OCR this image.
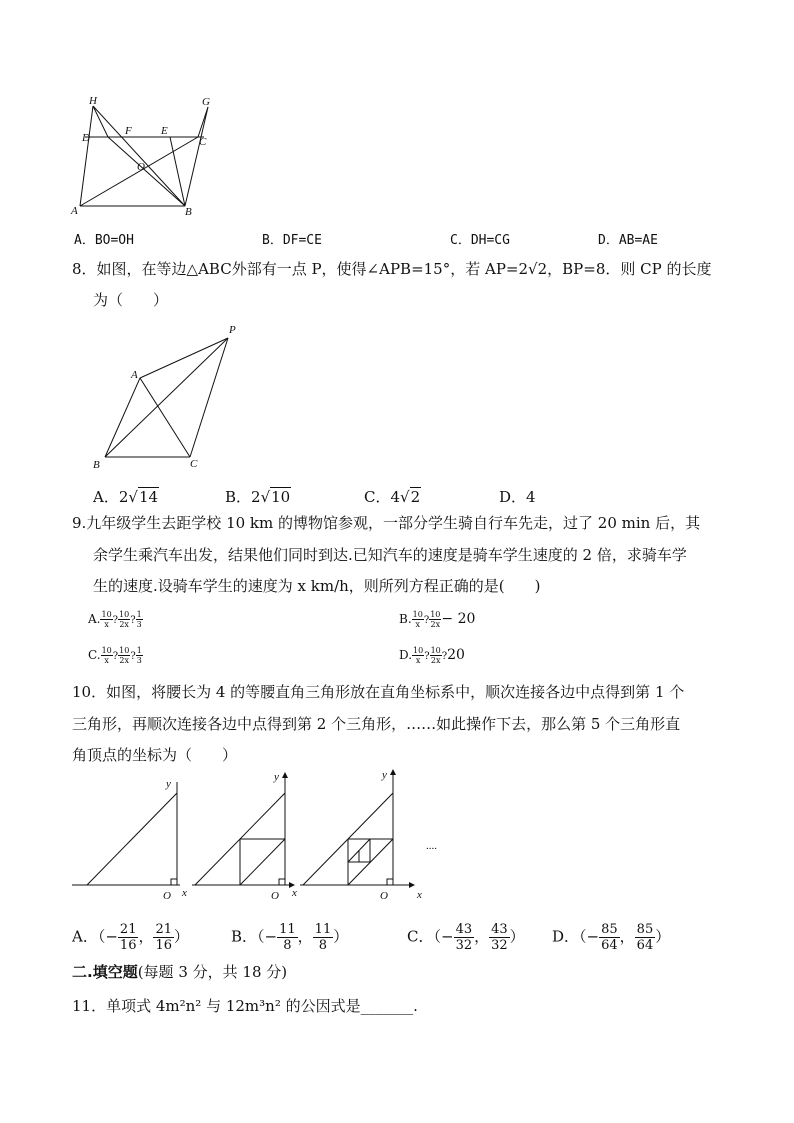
H	G
D
F	E
C
O
A	B
A．BO=OH	B．DF=CE	C．DH=CG	D．AB=AE
8．如图，在等边△ABC外部有一点 P，使得∠APB=15°，若 AP=2√2，BP=8．则 CP 的长度
为（　　）
P
A
B	C
A．2√14	B．2√10	C．4√2	D．4
9.九年级学生去距学校 10 km 的博物馆参观，一部分学生骑自行车先走，过了 20 min 后，其
余学生乘汽车出发，结果他们同时到达.已知汽车的速度是骑车学生速度的 2 倍，求骑车学
生的速度.设骑车学生的速度为 x km/h，则所列方程正确的是(　　)
A. $\frac{10}{x}$ ? $\frac{10}{2x}$ ? $\frac{1}{3}$	B. $\frac{10}{x}$ ? $\frac{10}{2x} - 20$
C. $\frac{10}{x}$ ? $\frac{10}{2x}$ ? $\frac{1}{3}$	D. $\frac{10}{x}$ ? $\frac{10}{2x}$ ?20
10．如图，将腰长为 4 的等腰直角三角形放在直角坐标系中，顺次连接各边中点得到第 1 个
三角形，再顺次连接各边中点得到第 2 个三角形，……如此操作下去，那么第 5 个三角形直
角顶点的坐标为（　　）
y
O x
y
O x
y
O	x
....
A．（− $\frac{21}{16}$ ， $\frac{21}{16}$ ）	B．（− $\frac{11}{8}$ ， $\frac{11}{8}$ ）	C．（− $\frac{43}{32}$ ， $\frac{43}{32}$ ） D．（− $\frac{85}{64}$ ， $\frac{85}{64}$ ）
二.填空题(每题 3 分，共 18 分)
11．单项式 4m²n² 与 12m³n² 的公因式是_______.
